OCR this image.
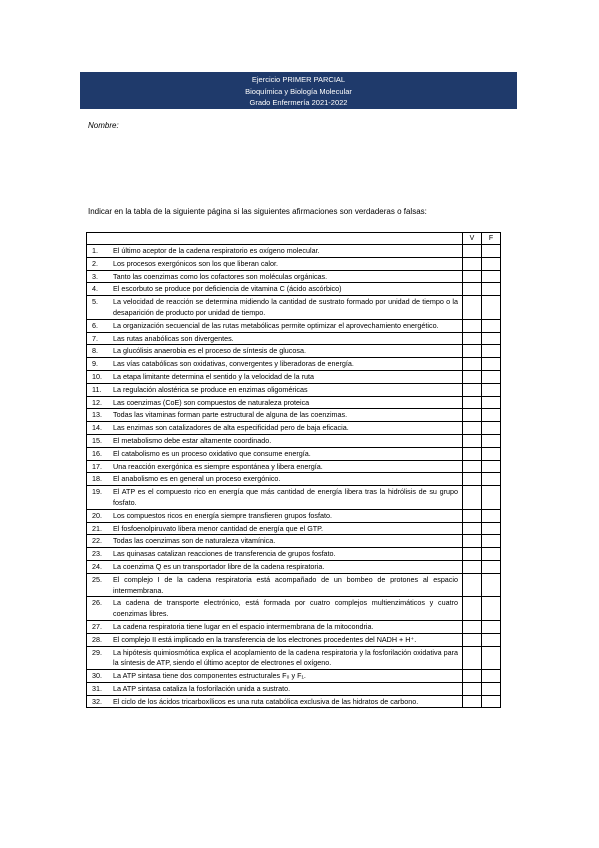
Ejercicio PRIMER PARCIAL
Bioquímica y Biología Molecular
Grado Enfermería 2021-2022
Nombre:
Indicar en la tabla de la siguiente página si las siguientes afirmaciones son verdaderas o falsas:
	V	F

1. El último aceptor de la cadena respiratorio es oxígeno molecular.		

2. Los procesos exergónicos son los que liberan calor.		

3. Tanto las coenzimas como los cofactores son moléculas orgánicas.		

4. El escorbuto se produce por deficiencia de vitamina C (ácido ascórbico)		

5. La velocidad de reacción se determina midiendo la cantidad de sustrato formado por unidad de tiempo o la desaparición de producto por unidad de tiempo.		

6. La organización secuencial de las rutas metabólicas permite optimizar el aprovechamiento energético.		

7. Las rutas anabólicas son divergentes.		

8. La glucólisis anaerobia es el proceso de síntesis de glucosa.		

9. Las vías catabólicas son oxidativas, convergentes y liberadoras de energía.		

10. La etapa limitante determina el sentido y la velocidad de la ruta		

11. La regulación alostérica se produce en enzimas oligoméricas		

12. Las coenzimas (CoE) son compuestos de naturaleza proteica		

13. Todas las vitaminas forman parte estructural de alguna de las coenzimas.		

14. Las enzimas son catalizadores de alta especificidad pero de baja eficacia.		

15. El metabolismo debe estar altamente coordinado.		

16. El catabolismo es un proceso oxidativo que consume energía.		

17. Una reacción exergónica es siempre espontánea y libera energía.		

18. El anabolismo es en general un proceso exergónico.		

19. El ATP es el compuesto rico en energía que más cantidad de energía libera tras la hidrólisis de su grupo fosfato.		

20. Los compuestos ricos en energía siempre transfieren grupos fosfato.		

21. El fosfoenolpiruvato libera menor cantidad de energía que el GTP.		

22. Todas las coenzimas son de naturaleza vitamínica.		

23. Las quinasas catalizan reacciones de transferencia de grupos fosfato.		

24. La coenzima Q es un transportador libre de la cadena respiratoria.		

25. El complejo I de la cadena respiratoria está acompañado de un bombeo de protones al espacio intermembrana.		

26. La cadena de transporte electrónico, está formada por cuatro complejos multienzimáticos y cuatro coenzimas libres.		

27. La cadena respiratoria tiene lugar en el espacio intermembrana de la mitocondria.		

28. El complejo II está implicado en la transferencia de los electrones procedentes del NADH + H⁺.		

29. La hipótesis quimiosmótica explica el acoplamiento de la cadena respiratoria y la fosforilación oxidativa para la síntesis de ATP, siendo el último aceptor de electrones el oxígeno.		

30. La ATP sintasa tiene dos componentes estructurales F₀ y F₁.		

31. La ATP sintasa cataliza la fosforilación unida a sustrato.		

32. El ciclo de los ácidos tricarboxílicos es una ruta catabólica exclusiva de las hidratos de carbono.		
